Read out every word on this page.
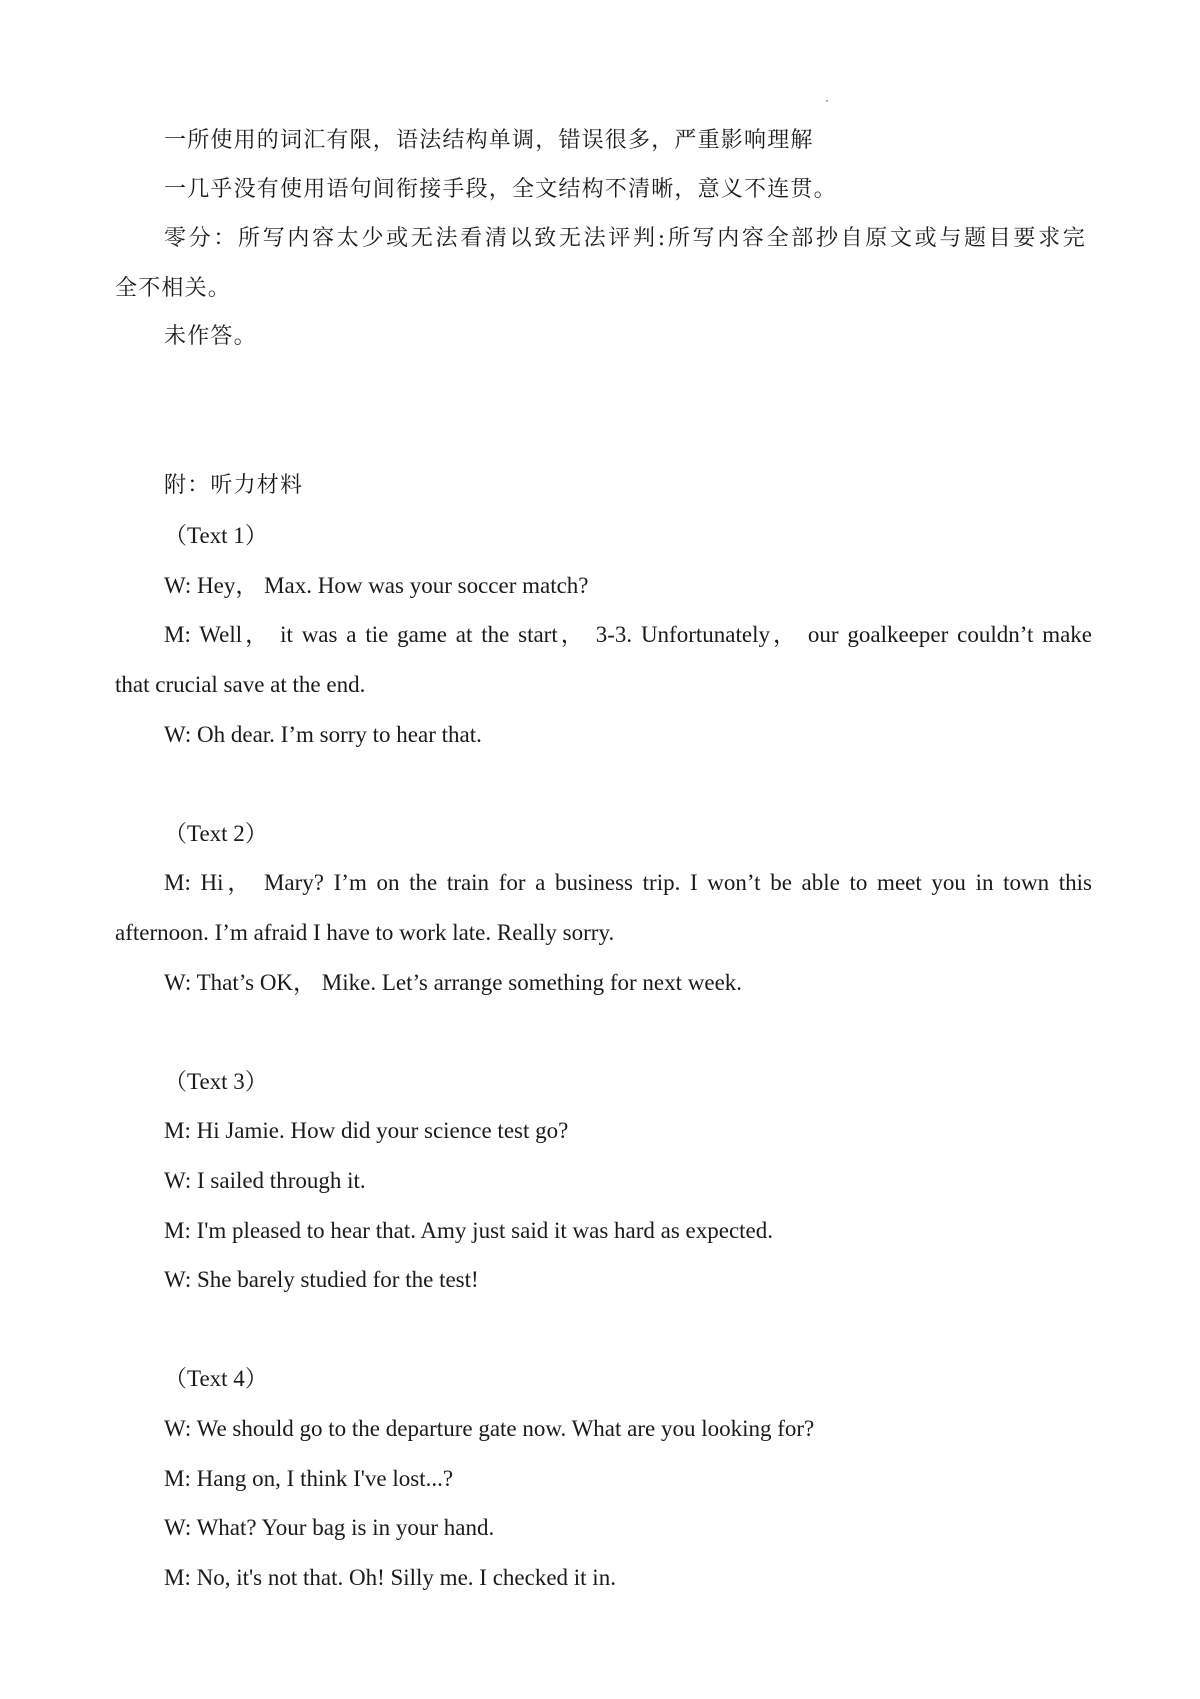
一所使用的词汇有限，语法结构单调，错误很多，严重影响理解

一几乎没有使用语句间衔接手段，全文结构不清晰，意义不连贯。

零分：所写内容太少或无法看清以致无法评判:所写内容全部抄自原文或与题目要求完

全不相关。

未作答。

附：听力材料

（Text 1）

W: Hey， Max. How was your soccer match?

M: Well， it was a tie game at the start， 3-3. Unfortunately， our goalkeeper couldn’t make

that crucial save at the end.

W: Oh dear. I’m sorry to hear that.

（Text 2）

M: Hi， Mary? I’m on the train for a business trip. I won’t be able to meet you in town this

afternoon. I’m afraid I have to work late. Really sorry.

W: That’s OK， Mike. Let’s arrange something for next week.

（Text 3）

M: Hi Jamie. How did your science test go?

W: I sailed through it.

M: I'm pleased to hear that. Amy just said it was hard as expected.

W: She barely studied for the test!

（Text 4）

W: We should go to the departure gate now. What are you looking for?

M: Hang on, I think I've lost...?

W: What? Your bag is in your hand.

M: No, it's not that. Oh! Silly me. I checked it in.
